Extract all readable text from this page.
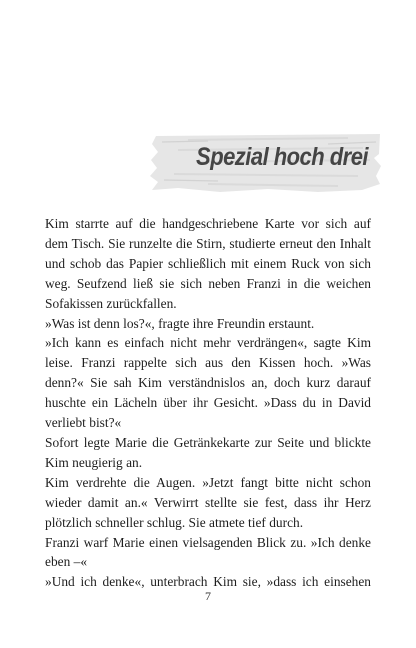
Spezial hoch drei

Kim starrte auf die handgeschriebene Karte vor sich auf dem Tisch. Sie runzelte die Stirn, studierte erneut den Inhalt und schob das Papier schließlich mit einem Ruck von sich weg. Seufzend ließ sie sich neben Franzi in die weichen Sofakissen zurückfallen.

»Was ist denn los?«, fragte ihre Freundin erstaunt.

»Ich kann es einfach nicht mehr verdrängen«, sagte Kim leise. Franzi rappelte sich aus den Kissen hoch. »Was denn?« Sie sah Kim verständnislos an, doch kurz darauf huschte ein Lächeln über ihr Gesicht. »Dass du in David verliebt bist?«

Sofort legte Marie die Getränkekarte zur Seite und blickte Kim neugierig an.

Kim verdrehte die Augen. »Jetzt fangt bitte nicht schon wieder damit an.« Verwirrt stellte sie fest, dass ihr Herz plötzlich schneller schlug. Sie atmete tief durch.

Franzi warf Marie einen vielsagenden Blick zu. »Ich denke eben –«

»Und ich denke«, unterbrach Kim sie, »dass ich einsehen

7
